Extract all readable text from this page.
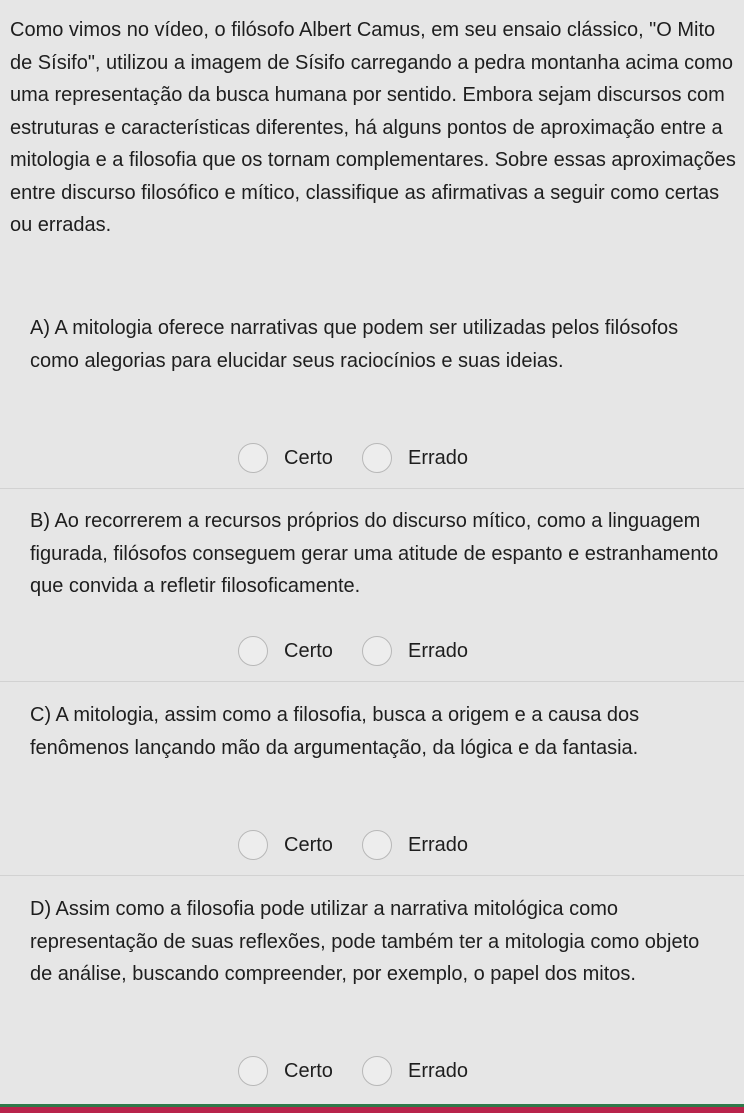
Como vimos no vídeo, o filósofo Albert Camus, em seu ensaio clássico, "O Mito de Sísifo", utilizou a imagem de Sísifo carregando a pedra montanha acima como uma representação da busca humana por sentido. Embora sejam discursos com estruturas e características diferentes, há alguns pontos de aproximação entre a mitologia e a filosofia que os tornam complementares. Sobre essas aproximações entre discurso filosófico e mítico, classifique as afirmativas a seguir como certas ou erradas.

A) A mitologia oferece narrativas que podem ser utilizadas pelos filósofos como alegorias para elucidar seus raciocínios e suas ideias.

Certo	Errado

B) Ao recorrerem a recursos próprios do discurso mítico, como a linguagem figurada, filósofos conseguem gerar uma atitude de espanto e estranhamento que convida a refletir filosoficamente.

Certo	Errado

C) A mitologia, assim como a filosofia, busca a origem e a causa dos fenômenos lançando mão da argumentação, da lógica e da fantasia.

Certo	Errado

D) Assim como a filosofia pode utilizar a narrativa mitológica como representação de suas reflexões, pode também ter a mitologia como objeto de análise, buscando compreender, por exemplo, o papel dos mitos.

Certo	Errado
